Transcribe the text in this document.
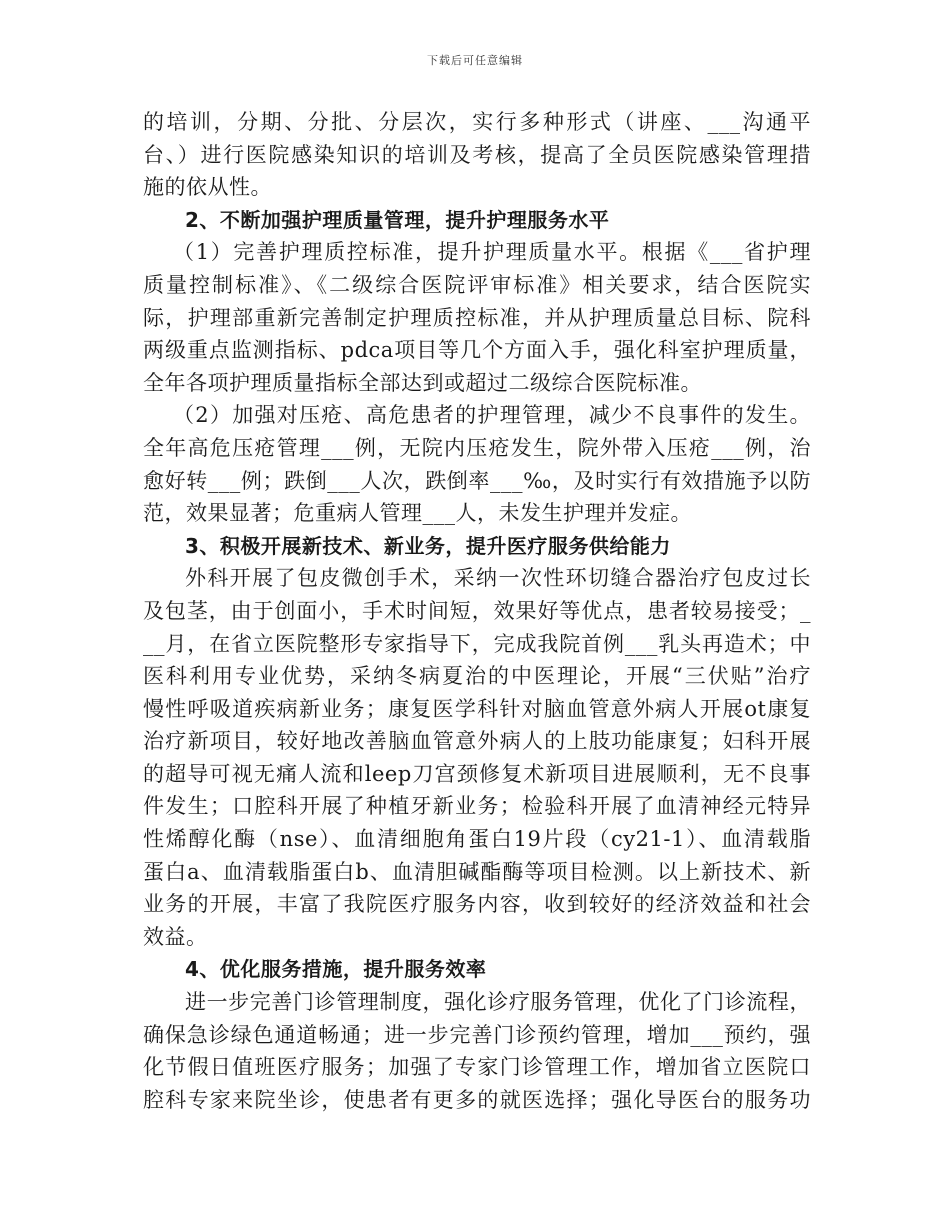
下载后可任意编辑
的培训，分期、分批、分层次，实行多种形式（讲座、___沟通平
台、）进行医院感染知识的培训及考核，提高了全员医院感染管理措
施的依从性。
2、不断加强护理质量管理，提升护理服务水平
（1）完善护理质控标准，提升护理质量水平。根据《___省护理
质量控制标准》、《二级综合医院评审标准》相关要求，结合医院实
际，护理部重新完善制定护理质控标准，并从护理质量总目标、院科
两级重点监测指标、pdca项目等几个方面入手，强化科室护理质量，
全年各项护理质量指标全部达到或超过二级综合医院标准。
（2）加强对压疮、高危患者的护理管理，减少不良事件的发生。
全年高危压疮管理___例，无院内压疮发生，院外带入压疮___例，治
愈好转___例；跌倒___人次，跌倒率___‰，及时实行有效措施予以防
范，效果显著；危重病人管理___人，未发生护理并发症。
3、积极开展新技术、新业务，提升医疗服务供给能力
外科开展了包皮微创手术，采纳一次性环切缝合器治疗包皮过长
及包茎，由于创面小，手术时间短，效果好等优点，患者较易接受；_
__月，在省立医院整形专家指导下，完成我院首例___乳头再造术；中
医科利用专业优势，采纳冬病夏治的中医理论，开展“三伏贴”治疗
慢性呼吸道疾病新业务；康复医学科针对脑血管意外病人开展ot康复
治疗新项目，较好地改善脑血管意外病人的上肢功能康复；妇科开展
的超导可视无痛人流和leep刀宫颈修复术新项目进展顺利，无不良事
件发生；口腔科开展了种植牙新业务；检验科开展了血清神经元特异
性烯醇化酶（nse）、血清细胞角蛋白19片段（cy21-1）、血清载脂
蛋白a、血清载脂蛋白b、血清胆碱酯酶等项目检测。以上新技术、新
业务的开展，丰富了我院医疗服务内容，收到较好的经济效益和社会
效益。
4、优化服务措施，提升服务效率
进一步完善门诊管理制度，强化诊疗服务管理，优化了门诊流程，
确保急诊绿色通道畅通；进一步完善门诊预约管理，增加___预约，强
化节假日值班医疗服务；加强了专家门诊管理工作，增加省立医院口
腔科专家来院坐诊，使患者有更多的就医选择；强化导医台的服务功
